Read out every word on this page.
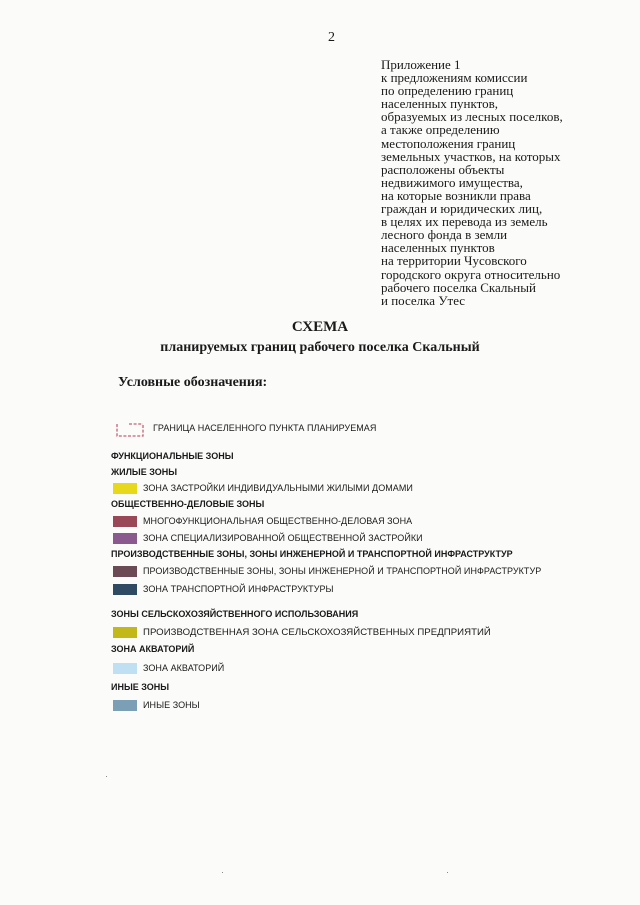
2
Приложение 1
к предложениям комиссии
по определению границ
населенных пунктов,
образуемых из лесных поселков,
а также определению
местоположения границ
земельных участков, на которых
расположены объекты
недвижимого имущества,
на которые возникли права
граждан и юридических лиц,
в целях их перевода из земель
лесного фонда в земли
населенных пунктов
на территории Чусовского
городского округа относительно
рабочего поселка Скальный
и поселка Утес
СХЕМА
планируемых границ рабочего поселка Скальный
Условные обозначения:
ГРАНИЦА НАСЕЛЕННОГО ПУНКТА ПЛАНИРУЕМАЯ
ФУНКЦИОНАЛЬНЫЕ ЗОНЫ
ЖИЛЫЕ ЗОНЫ
ЗОНА ЗАСТРОЙКИ ИНДИВИДУАЛЬНЫМИ ЖИЛЫМИ ДОМАМИ
ОБЩЕСТВЕННО-ДЕЛОВЫЕ ЗОНЫ
МНОГОФУНКЦИОНАЛЬНАЯ ОБЩЕСТВЕННО-ДЕЛОВАЯ ЗОНА
ЗОНА СПЕЦИАЛИЗИРОВАННОЙ ОБЩЕСТВЕННОЙ ЗАСТРОЙКИ
ПРОИЗВОДСТВЕННЫЕ ЗОНЫ, ЗОНЫ ИНЖЕНЕРНОЙ И ТРАНСПОРТНОЙ ИНФРАСТРУКТУР
ПРОИЗВОДСТВЕННЫЕ ЗОНЫ, ЗОНЫ ИНЖЕНЕРНОЙ И ТРАНСПОРТНОЙ ИНФРАСТРУКТУР
ЗОНА ТРАНСПОРТНОЙ ИНФРАСТРУКТУРЫ
ЗОНЫ СЕЛЬСКОХОЗЯЙСТВЕННОГО ИСПОЛЬЗОВАНИЯ
ПРОИЗВОДСТВЕННАЯ ЗОНА СЕЛЬСКОХОЗЯЙСТВЕННЫХ ПРЕДПРИЯТИЙ
ЗОНА АКВАТОРИЙ
ЗОНА АКВАТОРИЙ
ИНЫЕ ЗОНЫ
ИНЫЕ ЗОНЫ
